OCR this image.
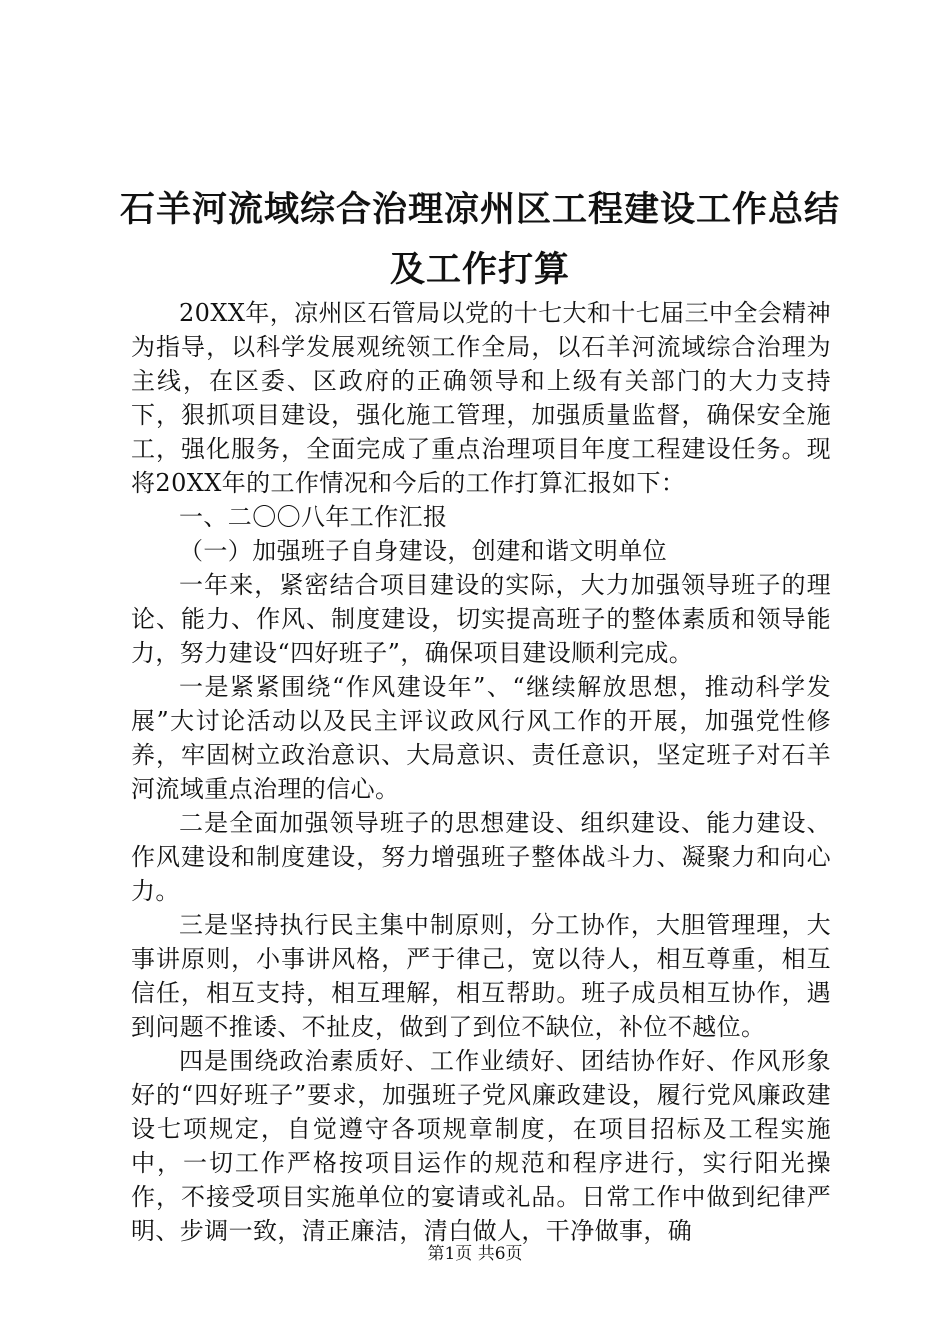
石羊河流域综合治理凉州区工程建设工作总结
及工作打算

20XX年，凉州区石管局以党的十七大和十七届三中全会精神为指导，以科学发展观统领工作全局，以石羊河流域综合治理为主线，在区委、区政府的正确领导和上级有关部门的大力支持下，狠抓项目建设，强化施工管理，加强质量监督，确保安全施工，强化服务，全面完成了重点治理项目年度工程建设任务。现将20XX年的工作情况和今后的工作打算汇报如下：

一、二〇〇八年工作汇报

（一）加强班子自身建设，创建和谐文明单位

一年来，紧密结合项目建设的实际，大力加强领导班子的理论、能力、作风、制度建设，切实提高班子的整体素质和领导能力，努力建设“四好班子”，确保项目建设顺利完成。

一是紧紧围绕“作风建设年”、“继续解放思想，推动科学发展”大讨论活动以及民主评议政风行风工作的开展，加强党性修养，牢固树立政治意识、大局意识、责任意识，坚定班子对石羊河流域重点治理的信心。

二是全面加强领导班子的思想建设、组织建设、能力建设、作风建设和制度建设，努力增强班子整体战斗力、凝聚力和向心力。

三是坚持执行民主集中制原则，分工协作，大胆管理理，大事讲原则，小事讲风格，严于律己，宽以待人，相互尊重，相互信任，相互支持，相互理解，相互帮助。班子成员相互协作，遇到问题不推诿、不扯皮，做到了到位不缺位，补位不越位。

四是围绕政治素质好、工作业绩好、团结协作好、作风形象好的“四好班子”要求，加强班子党风廉政建设，履行党风廉政建设七项规定，自觉遵守各项规章制度，在项目招标及工程实施中，一切工作严格按项目运作的规范和程序进行，实行阳光操作，不接受项目实施单位的宴请或礼品。日常工作中做到纪律严明、步调一致，清正廉洁，清白做人，干净做事，确

第1页 共6页
